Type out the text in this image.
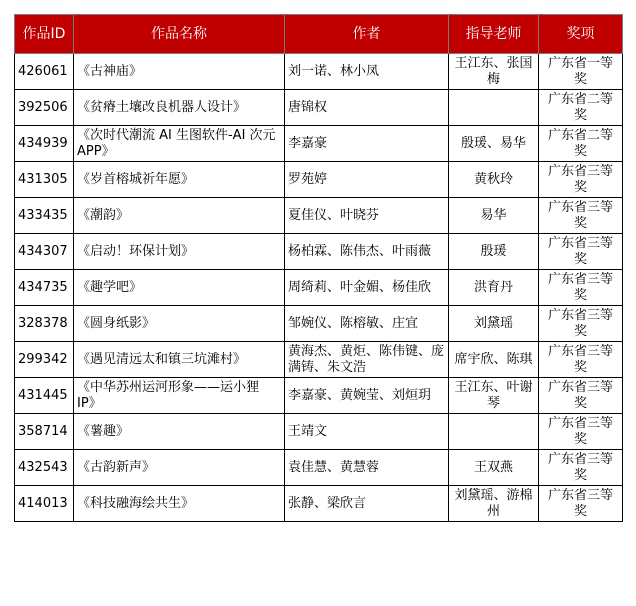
作品ID	作品名称	作者	指导老师	奖项
426061	《古神庙》	刘一诺、林小凤	王江东、张国梅	广东省一等奖
392506	《贫瘠土壤改良机器人设计》	唐锦权		广东省二等奖
434939	《次时代潮流 AI 生图软件-AI 次元 APP》	李嘉豪	殷瑗、易华	广东省二等奖
431305	《岁首榕城祈年愿》	罗苑婷	黄秋玲	广东省三等奖
433435	《潮韵》	夏佳仪、叶晓芬	易华	广东省三等奖
434307	《启动！环保计划》	杨柏霖、陈伟杰、叶雨薇	殷瑗	广东省三等奖
434735	《趣学吧》	周绮莉、叶金媚、杨佳欣	洪育丹	广东省三等奖
328378	《圆身纸影》	邹婉仪、陈榕敏、庄宜	刘黛瑶	广东省三等奖
299342	《遇见清远太和镇三坑滩村》	黄海杰、黄炬、陈伟键、庞满铸、朱文浩	席宇欣、陈琪	广东省三等奖
431445	《中华苏州运河形象——运小狸 IP》	李嘉豪、黄婉莹、刘烜玥	王江东、叶谢琴	广东省三等奖
358714	《薯趣》	王靖文		广东省三等奖
432543	《古韵新声》	袁佳慧、黄慧蓉	王双燕	广东省三等奖
414013	《科技融海绘共生》	张静、梁欣言	刘黛瑶、游棉州	广东省三等奖
